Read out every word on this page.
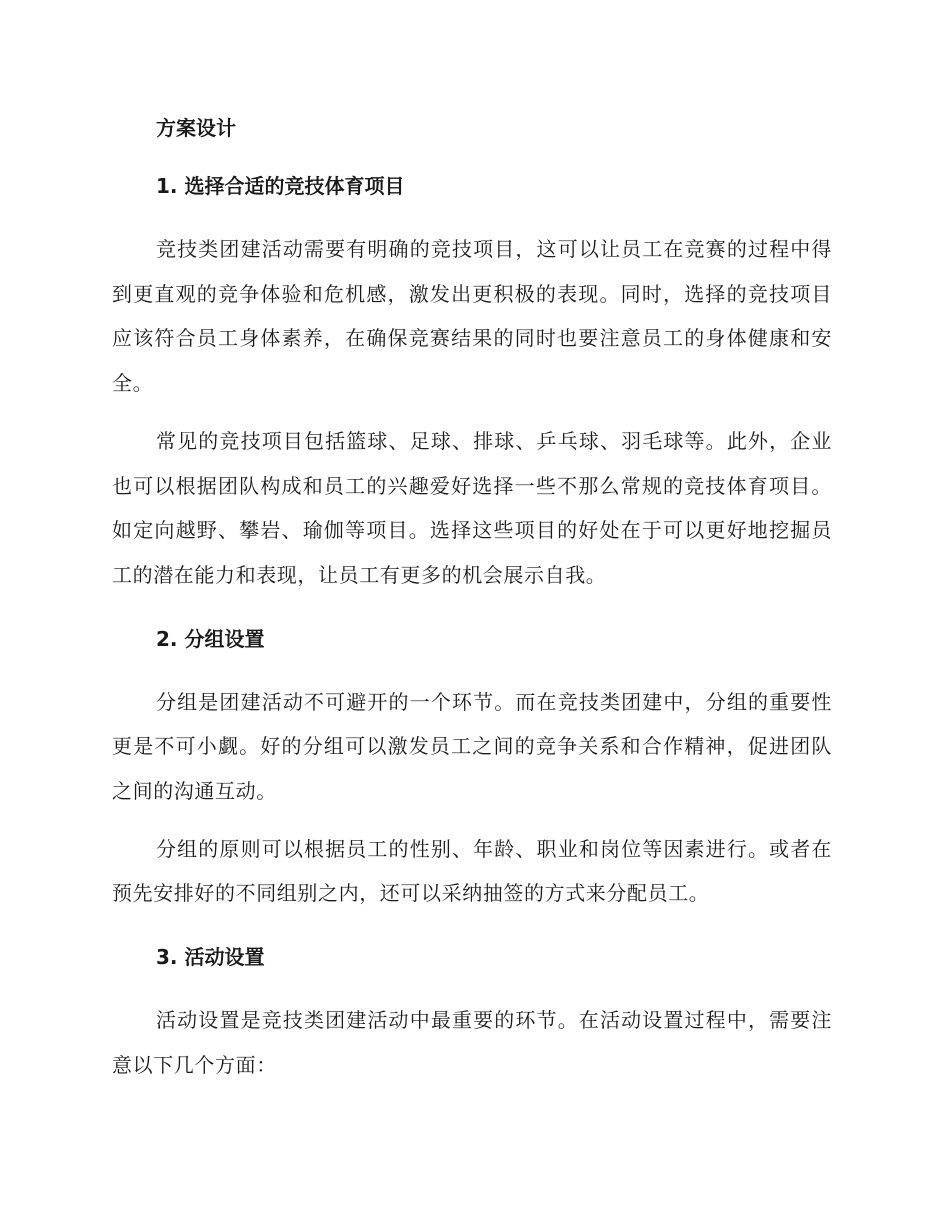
方案设计
1. 选择合适的竞技体育项目

竞技类团建活动需要有明确的竞技项目，这可以让员工在竞赛的过程中得到更直观的竞争体验和危机感，激发出更积极的表现。同时，选择的竞技项目应该符合员工身体素养，在确保竞赛结果的同时也要注意员工的身体健康和安全。

常见的竞技项目包括篮球、足球、排球、乒乓球、羽毛球等。此外，企业也可以根据团队构成和员工的兴趣爱好选择一些不那么常规的竞技体育项目。如定向越野、攀岩、瑜伽等项目。选择这些项目的好处在于可以更好地挖掘员工的潜在能力和表现，让员工有更多的机会展示自我。

2. 分组设置

分组是团建活动不可避开的一个环节。而在竞技类团建中，分组的重要性更是不可小觑。好的分组可以激发员工之间的竞争关系和合作精神，促进团队之间的沟通互动。

分组的原则可以根据员工的性别、年龄、职业和岗位等因素进行。或者在预先安排好的不同组别之内，还可以采纳抽签的方式来分配员工。

3. 活动设置

活动设置是竞技类团建活动中最重要的环节。在活动设置过程中，需要注意以下几个方面：
